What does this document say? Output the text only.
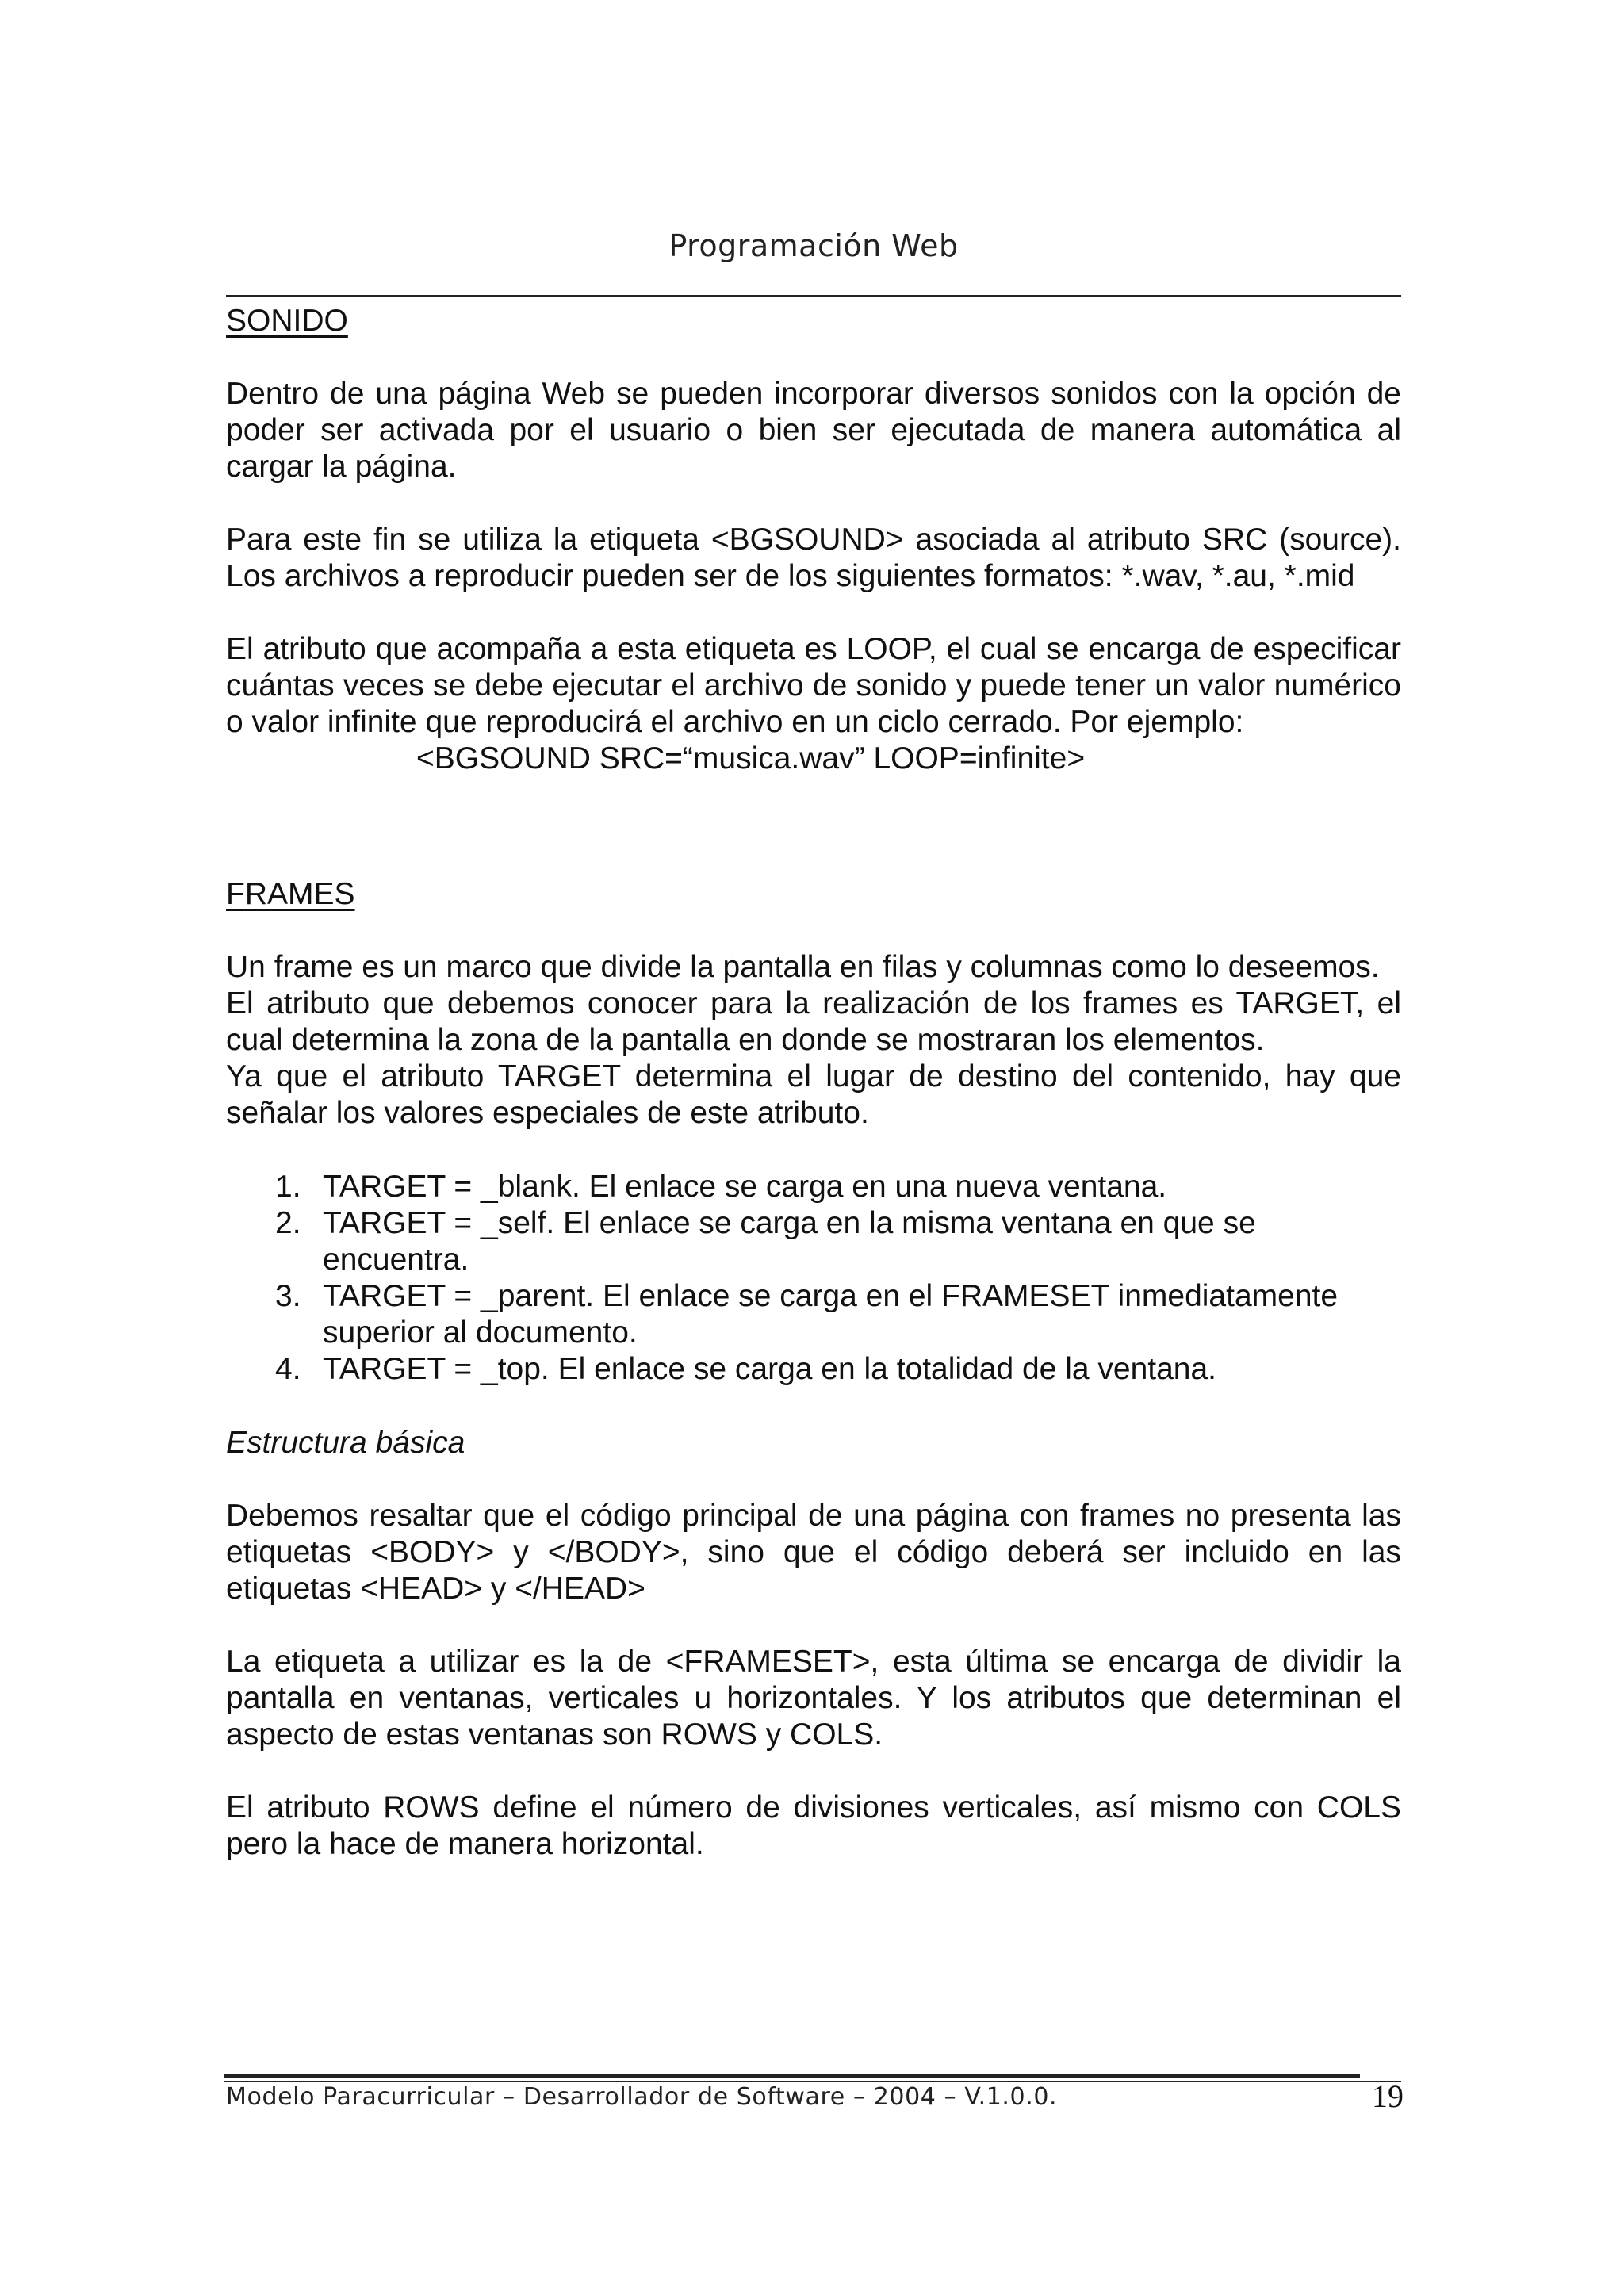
Programación Web
SONIDO

Dentro de una página Web se pueden incorporar diversos sonidos con la opción de poder ser activada por el usuario o bien ser ejecutada de manera automática al cargar la página.

Para este fin se utiliza la etiqueta <BGSOUND> asociada al atributo SRC (source). Los archivos a reproducir pueden ser de los siguientes formatos: *.wav, *.au, *.mid

El atributo que acompaña a esta etiqueta es LOOP, el cual se encarga de especificar cuántas veces se debe ejecutar el archivo de sonido y puede tener un valor numérico o valor infinite que reproducirá el archivo en un ciclo cerrado. Por ejemplo:

<BGSOUND SRC=“musica.wav” LOOP=infinite>

FRAMES

Un frame es un marco que divide la pantalla en filas y columnas como lo deseemos.

El atributo que debemos conocer para la realización de los frames es TARGET, el cual determina la zona de la pantalla en donde se mostraran los elementos.

Ya que el atributo TARGET determina el lugar de destino del contenido, hay que señalar los valores especiales de este atributo.

1. TARGET = _blank. El enlace se carga en una nueva ventana.
2. TARGET = _self. El enlace se carga en la misma ventana en que se encuentra.
3. TARGET = _parent. El enlace se carga en el FRAMESET inmediatamente superior al documento.
4. TARGET = _top. El enlace se carga en la totalidad de la ventana.

Estructura básica

Debemos resaltar que el código principal de una página con frames no presenta las etiquetas <BODY> y </BODY>, sino que el código deberá ser incluido en las etiquetas <HEAD> y </HEAD>

La etiqueta a utilizar es la de <FRAMESET>, esta última se encarga de dividir la pantalla en ventanas, verticales u horizontales. Y los atributos que determinan el aspecto de estas ventanas son ROWS y COLS.

El atributo ROWS define el número de divisiones verticales, así mismo con COLS pero la hace de manera horizontal.

Modelo Paracurricular – Desarrollador de Software – 2004 – V.1.0.0.	19
